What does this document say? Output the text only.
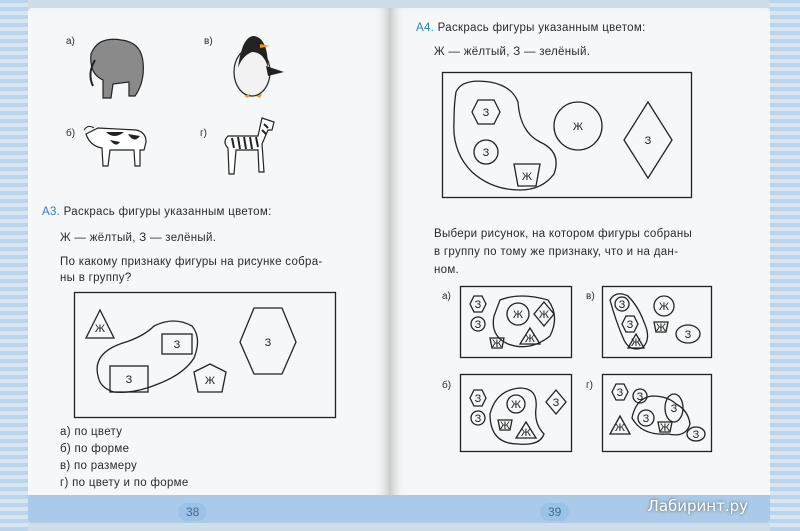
а)	в)
б)	г)
А3. Раскрась фигуры указанным цветом:
Ж — жёлтый, З — зелёный.
По какому признаку фигуры на рисунке собра-
ны в группу?
Ж
З	З
З	Ж
а) по цвету
б) по форме
в) по размеру
г) по цвету и по форме
38
А4. Раскрась фигуры указанным цветом:
Ж — жёлтый, З — зелёный.
З
З
Ж
Ж
З
Выбери рисунок, на котором фигуры собраны
в группу по тому же признаку, что и на дан-
ном.
а)
З
З
Ж
Ж Ж
Ж
в)
З
З
Ж
Ж
Ж
З
б)
З
З
Ж
Ж
Ж
З
г)
З
Ж
З
З
З
Ж
З
39	Лабиринт.ру
